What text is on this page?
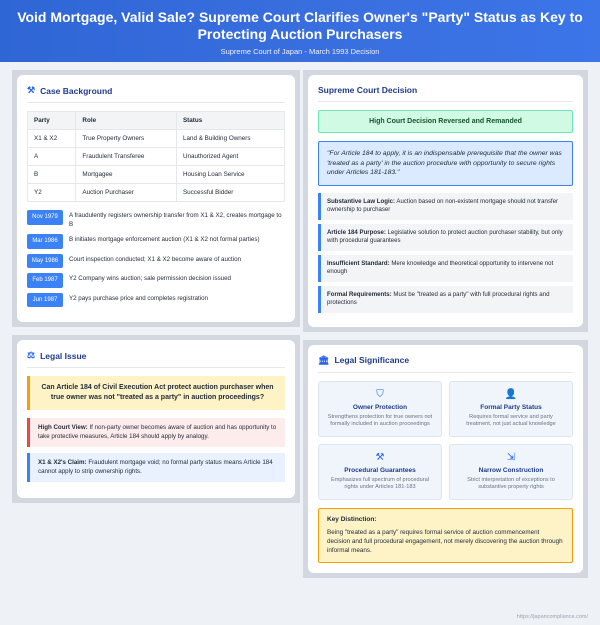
Void Mortgage, Valid Sale? Supreme Court Clarifies Owner's "Party" Status as Key to Protecting Auction Purchasers
Supreme Court of Japan - March 1993 Decision
⚒ Case Background
Party	Role	Status
X1 & X2	True Property Owners	Land & Building Owners
A	Fraudulent Transferee	Unauthorized Agent
B	Mortgagee	Housing Loan Service
Y2	Auction Purchaser	Successful Bidder
Nov 1979	A fraudulently registers ownership transfer from X1 & X2, creates mortgage to B
Mar 1986	B initiates mortgage enforcement auction (X1 & X2 not formal parties)
May 1986	Court inspection conducted; X1 & X2 become aware of auction
Feb 1987	Y2 Company wins auction; sale permission decision issued
Jun 1987	Y2 pays purchase price and completes registration
⚖ Legal Issue
Can Article 184 of Civil Execution Act protect auction purchaser when true owner was not "treated as a party" in auction proceedings?
High Court View: If non-party owner becomes aware of auction and has opportunity to take protective measures, Article 184 should apply by analogy.
X1 & X2's Claim: Fraudulent mortgage void; no formal party status means Article 184 cannot apply to strip ownership rights.
Supreme Court Decision
High Court Decision Reversed and Remanded
"For Article 184 to apply, it is an indispensable prerequisite that the owner was 'treated as a party' in the auction procedure with opportunity to secure rights under Articles 181-183."
Substantive Law Logic: Auction based on non-existent mortgage should not transfer ownership to purchaser
Article 184 Purpose: Legislative solution to protect auction purchaser stability, but only with procedural guarantees
Insufficient Standard: Mere knowledge and theoretical opportunity to intervene not enough
Formal Requirements: Must be "treated as a party" with full procedural rights and protections
🏛 Legal Significance
⛉
Owner Protection
Strengthens protection for true owners not formally included in auction proceedings
👤
Formal Party Status
Requires formal service and party treatment, not just actual knowledge
⚒
Procedural Guarantees
Emphasizes full spectrum of procedural rights under Articles 181-183
⇲
Narrow Construction
Strict interpretation of exceptions to substantive property rights
Key Distinction:
Being "treated as a party" requires formal service of auction commencement decision and full procedural engagement, not merely discovering the auction through informal means.
https://japancompliance.com/
